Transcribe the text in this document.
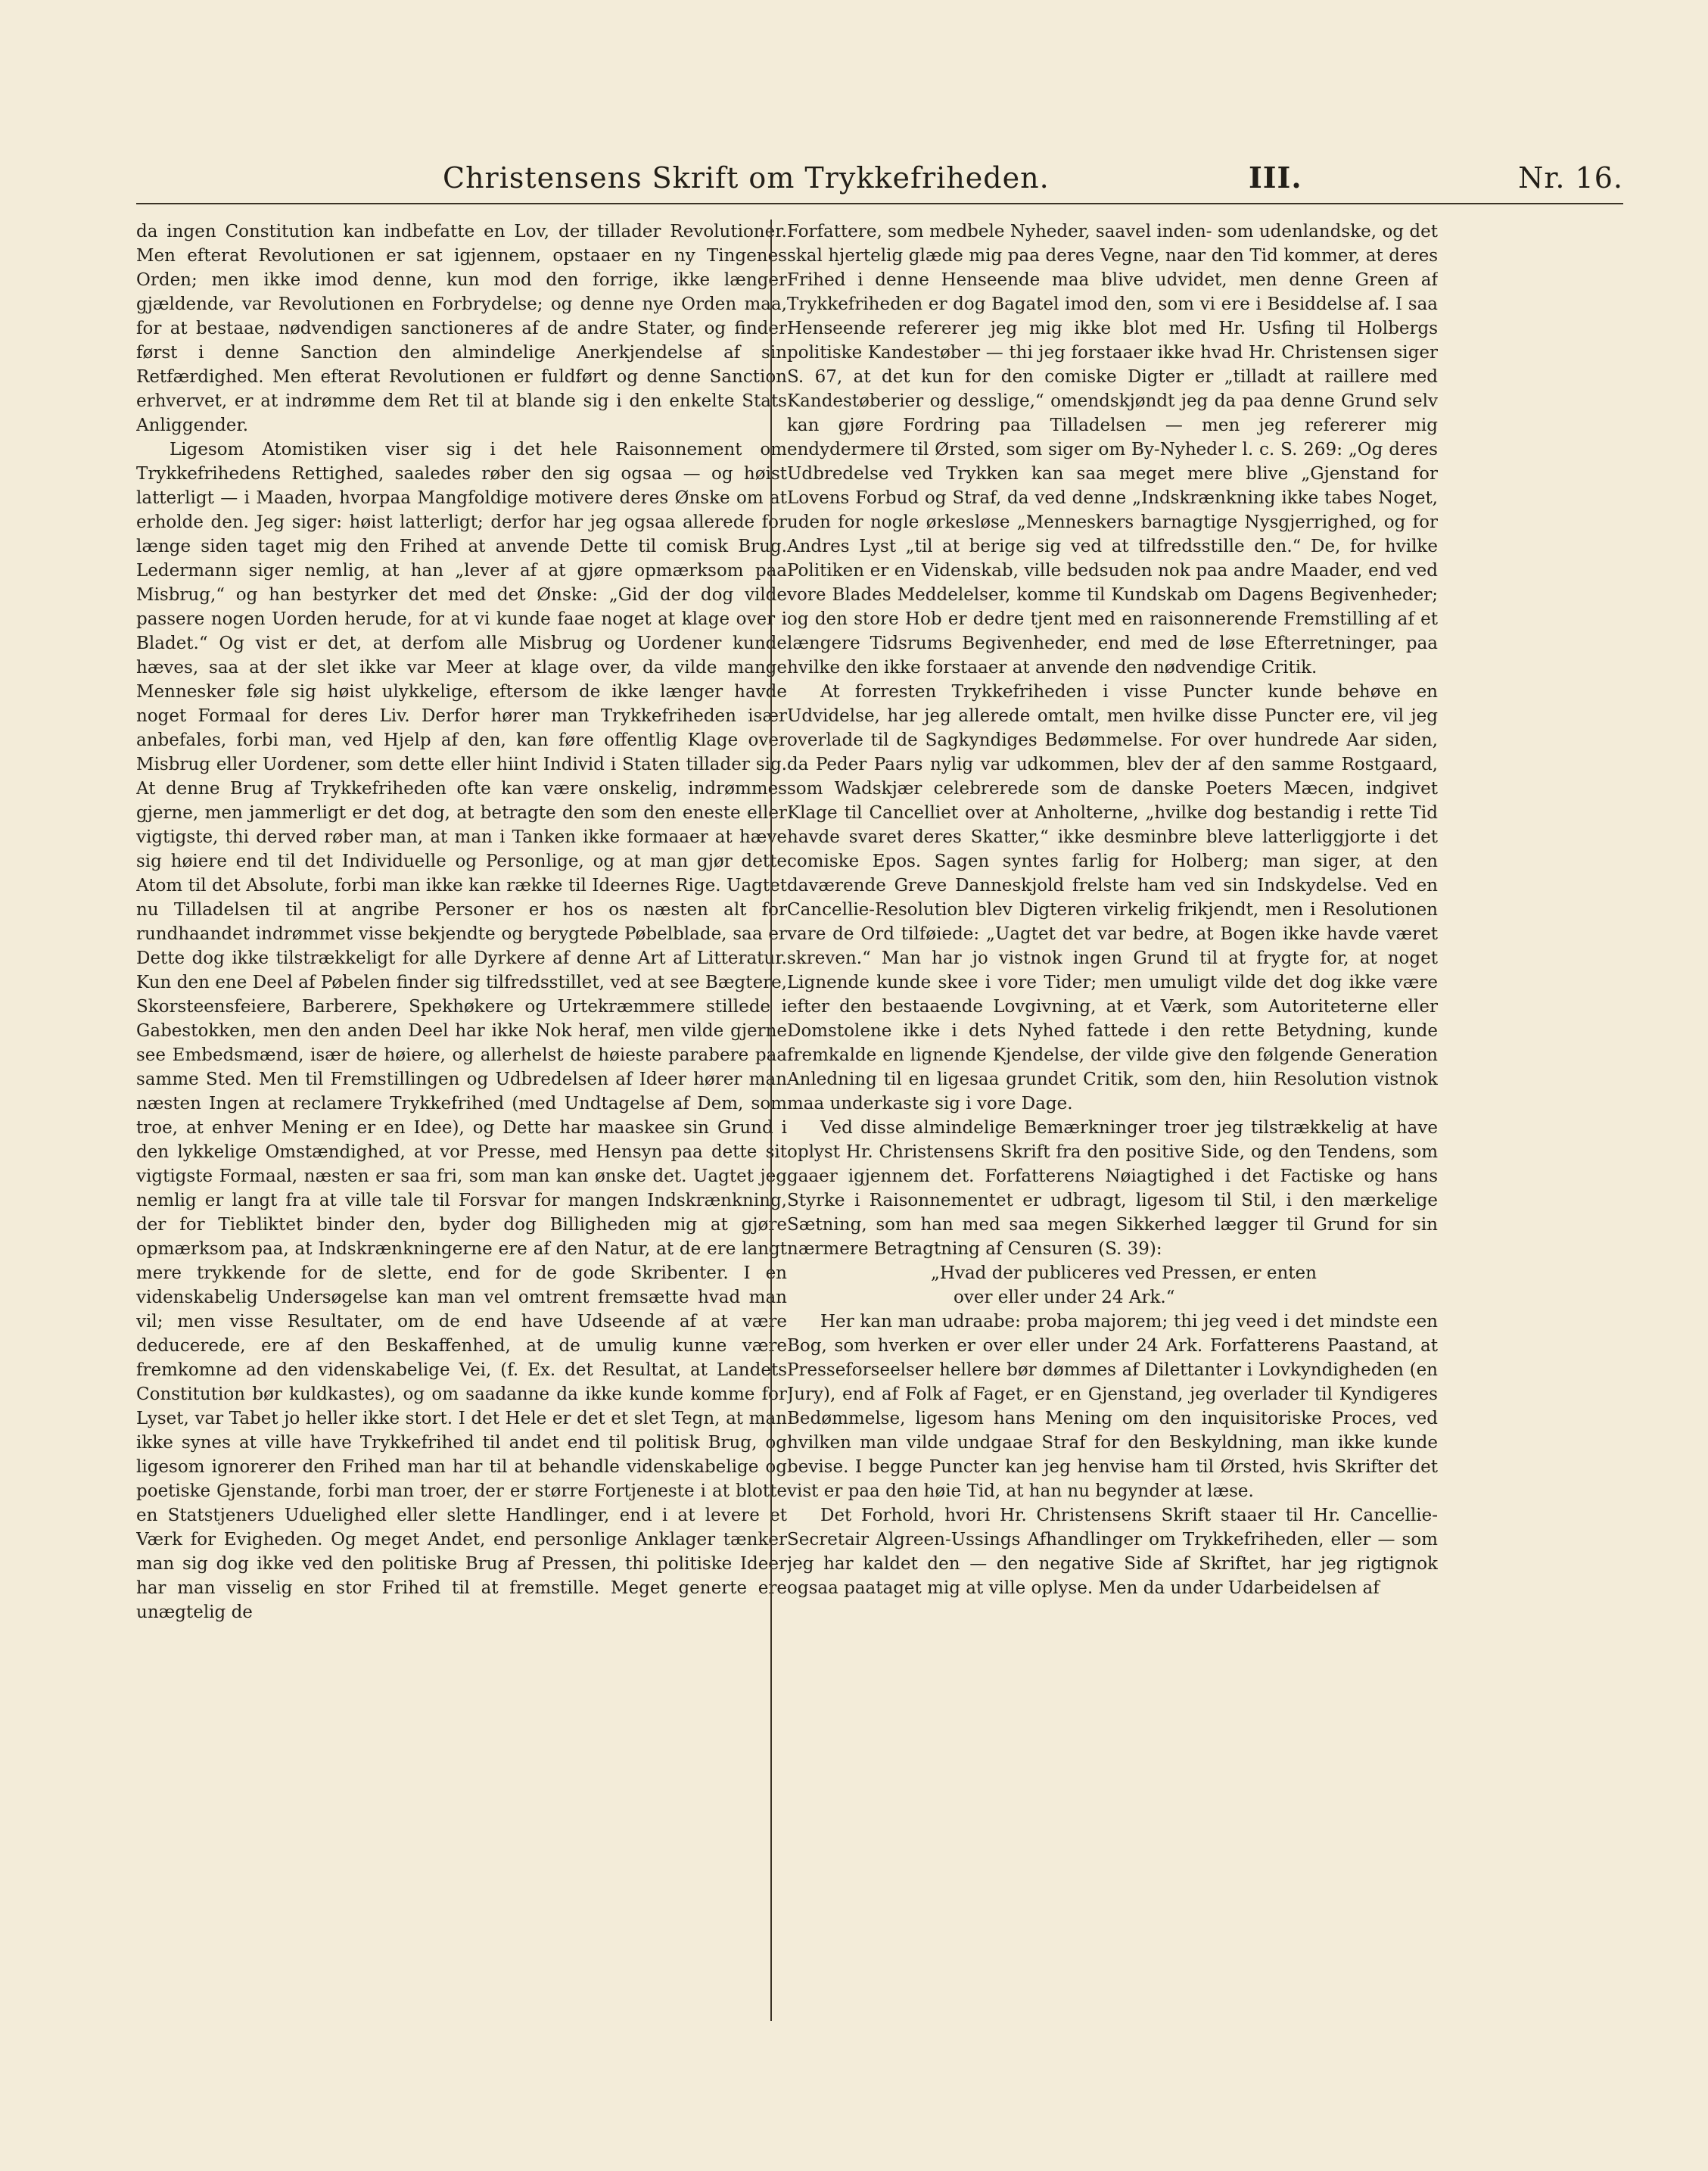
Christensens Skrift om Trykkefriheden.	III.	Nr. 16.

da ingen Constitution kan indbefatte en Lov, der tillader Revolutioner. Men efterat Revolutionen er sat igjennem, opstaaer en ny Tingenes Orden; men ikke imod denne, kun mod den forrige, ikke længer gjældende, var Revolutionen en Forbrydelse; og denne nye Orden maa, for at bestaae, nødvendigen sanctioneres af de andre Stater, og finder først i denne Sanction den almindelige Anerkjendelse af sin Retfærdighed. Men efterat Revolutionen er fuldført og denne Sanction erhvervet, er at indrømme dem Ret til at blande sig i den enkelte Stats Anliggender.

Ligesom Atomistiken viser sig i det hele Raisonnement om Trykkefrihedens Rettighed, saaledes røber den sig ogsaa — og høist latterligt — i Maaden, hvorpaa Mangfoldige motivere deres Ønske om at erholde den. Jeg siger: høist latterligt; derfor har jeg ogsaa allerede for længe siden taget mig den Frihed at anvende Dette til comisk Brug. Ledermann siger nemlig, at han „lever af at gjøre opmærksom paa Misbrug,“ og han bestyrker det med det Ønske: „Gid der dog vilde passere nogen Uorden herude, for at vi kunde faae noget at klage over i Bladet.“ Og vist er det, at derfom alle Misbrug og Uordener kunde hæves, saa at der slet ikke var Meer at klage over, da vilde mange Mennesker føle sig høist ulykkelige, eftersom de ikke længer havde noget Formaal for deres Liv. Derfor hører man Trykkefriheden især anbefales, forbi man, ved Hjelp af den, kan føre offentlig Klage over Misbrug eller Uordener, som dette eller hiint Individ i Staten tillader sig. At denne Brug af Trykkefriheden ofte kan være onskelig, indrømmes gjerne, men jammerligt er det dog, at betragte den som den eneste eller vigtigste, thi derved røber man, at man i Tanken ikke formaaer at hæve sig høiere end til det Individuelle og Personlige, og at man gjør dette Atom til det Absolute, forbi man ikke kan række til Ideernes Rige. Uagtet nu Tilladelsen til at angribe Personer er hos os næsten alt for rundhaandet indrømmet visse bekjendte og berygtede Pøbelblade, saa er Dette dog ikke tilstrækkeligt for alle Dyrkere af denne Art af Litteratur. Kun den ene Deel af Pøbelen finder sig tilfredsstillet, ved at see Bægtere, Skorsteensfeiere, Barberere, Spekhøkere og Urtekræmmere stillede i Gabestokken, men den anden Deel har ikke Nok heraf, men vilde gjerne see Embedsmænd, især de høiere, og allerhelst de høieste parabere paa samme Sted. Men til Fremstillingen og Udbredelsen af Ideer hører man næsten Ingen at reclamere Trykkefrihed (med Undtagelse af Dem, som troe, at enhver Mening er en Idee), og Dette har maaskee sin Grund i den lykkelige Omstændighed, at vor Presse, med Hensyn paa dette sit vigtigste Formaal, næsten er saa fri, som man kan ønske det. Uagtet jeg nemlig er langt fra at ville tale til Forsvar for mangen Indskrænkning, der for Tiebliktet binder den, byder dog Billigheden mig at gjøre opmærksom paa, at Indskrænkningerne ere af den Natur, at de ere langt mere trykkende for de slette, end for de gode Skribenter. I en videnskabelig Undersøgelse kan man vel omtrent fremsætte hvad man vil; men visse Resultater, om de end have Udseende af at være deducerede, ere af den Beskaffenhed, at de umulig kunne være fremkomne ad den videnskabelige Vei, (f. Ex. det Resultat, at Landets Constitution bør kuldkastes), og om saadanne da ikke kunde komme for Lyset, var Tabet jo heller ikke stort. I det Hele er det et slet Tegn, at man ikke synes at ville have Trykkefrihed til andet end til politisk Brug, og ligesom ignorerer den Frihed man har til at behandle videnskabelige og poetiske Gjenstande, forbi man troer, der er større Fortjeneste i at blotte en Statstjeners Uduelighed eller slette Handlinger, end i at levere et Værk for Evigheden. Og meget Andet, end personlige Anklager tænker man sig dog ikke ved den politiske Brug af Pressen, thi politiske Ideer har man visselig en stor Frihed til at fremstille. Meget generte ere unægtelig de

Forfattere, som medbele Nyheder, saavel inden- som udenlandske, og det skal hjertelig glæde mig paa deres Vegne, naar den Tid kommer, at deres Frihed i denne Henseende maa blive udvidet, men denne Green af Trykkefriheden er dog Bagatel imod den, som vi ere i Besiddelse af. I saa Henseende refererer jeg mig ikke blot med Hr. Usfing til Holbergs politiske Kandestøber — thi jeg forstaaer ikke hvad Hr. Christensen siger S. 67, at det kun for den comiske Digter er „tilladt at raillere med Kandestøberier og desslige,“ omendskjøndt jeg da paa denne Grund selv kan gjøre Fordring paa Tilladelsen — men jeg refererer mig endydermere til Ørsted, som siger om By-Nyheder l. c. S. 269: „Og deres Udbredelse ved Trykken kan saa meget mere blive „Gjenstand for Lovens Forbud og Straf, da ved denne „Indskrænkning ikke tabes Noget, uden for nogle ørkesløse „Menneskers barnagtige Nysgjerrighed, og for Andres Lyst „til at berige sig ved at tilfredsstille den.“ De, for hvilke Politiken er en Videnskab, ville bedsuden nok paa andre Maader, end ved vore Blades Meddelelser, komme til Kundskab om Dagens Begivenheder; og den store Hob er dedre tjent med en raisonnerende Fremstilling af et længere Tidsrums Begivenheder, end med de løse Efterretninger, paa hvilke den ikke forstaaer at anvende den nødvendige Critik.

At forresten Trykkefriheden i visse Puncter kunde behøve en Udvidelse, har jeg allerede omtalt, men hvilke disse Puncter ere, vil jeg overlade til de Sagkyndiges Bedømmelse. For over hundrede Aar siden, da Peder Paars nylig var udkommen, blev der af den samme Rostgaard, som Wadskjær celebrerede som de danske Poeters Mæcen, indgivet Klage til Cancelliet over at Anholterne, „hvilke dog bestandig i rette Tid havde svaret deres Skatter,“ ikke desminbre bleve latterliggjorte i det comiske Epos. Sagen syntes farlig for Holberg; man siger, at den daværende Greve Danneskjold frelste ham ved sin Indskydelse. Ved en Cancellie-Resolution blev Digteren virkelig frikjendt, men i Resolutionen vare de Ord tilføiede: „Uagtet det var bedre, at Bogen ikke havde været skreven.“ Man har jo vistnok ingen Grund til at frygte for, at noget Lignende kunde skee i vore Tider; men umuligt vilde det dog ikke være efter den bestaaende Lovgivning, at et Værk, som Autoriteterne eller Domstolene ikke i dets Nyhed fattede i den rette Betydning, kunde fremkalde en lignende Kjendelse, der vilde give den følgende Generation Anledning til en ligesaa grundet Critik, som den, hiin Resolution vistnok maa underkaste sig i vore Dage.

Ved disse almindelige Bemærkninger troer jeg tilstrækkelig at have oplyst Hr. Christensens Skrift fra den positive Side, og den Tendens, som gaaer igjennem det. Forfatterens Nøiagtighed i det Factiske og hans Styrke i Raisonnementet er udbragt, ligesom til Stil, i den mærkelige Sætning, som han med saa megen Sikkerhed lægger til Grund for sin nærmere Betragtning af Censuren (S. 39):

„Hvad der publiceres ved Pressen, er enten

over eller under 24 Ark.“

Her kan man udraabe: proba majorem; thi jeg veed i det mindste een Bog, som hverken er over eller under 24 Ark. Forfatterens Paastand, at Presseforseelser hellere bør dømmes af Dilettanter i Lovkyndigheden (en Jury), end af Folk af Faget, er en Gjenstand, jeg overlader til Kyndigeres Bedømmelse, ligesom hans Mening om den inquisitoriske Proces, ved hvilken man vilde undgaae Straf for den Beskyldning, man ikke kunde bevise. I begge Puncter kan jeg henvise ham til Ørsted, hvis Skrifter det vist er paa den høie Tid, at han nu begynder at læse.

Det Forhold, hvori Hr. Christensens Skrift staaer til Hr. Cancellie-Secretair Algreen-Ussings Afhandlinger om Trykkefriheden, eller — som jeg har kaldet den — den negative Side af Skriftet, har jeg rigtignok ogsaa paataget mig at ville oplyse. Men da under Udarbeidelsen af
